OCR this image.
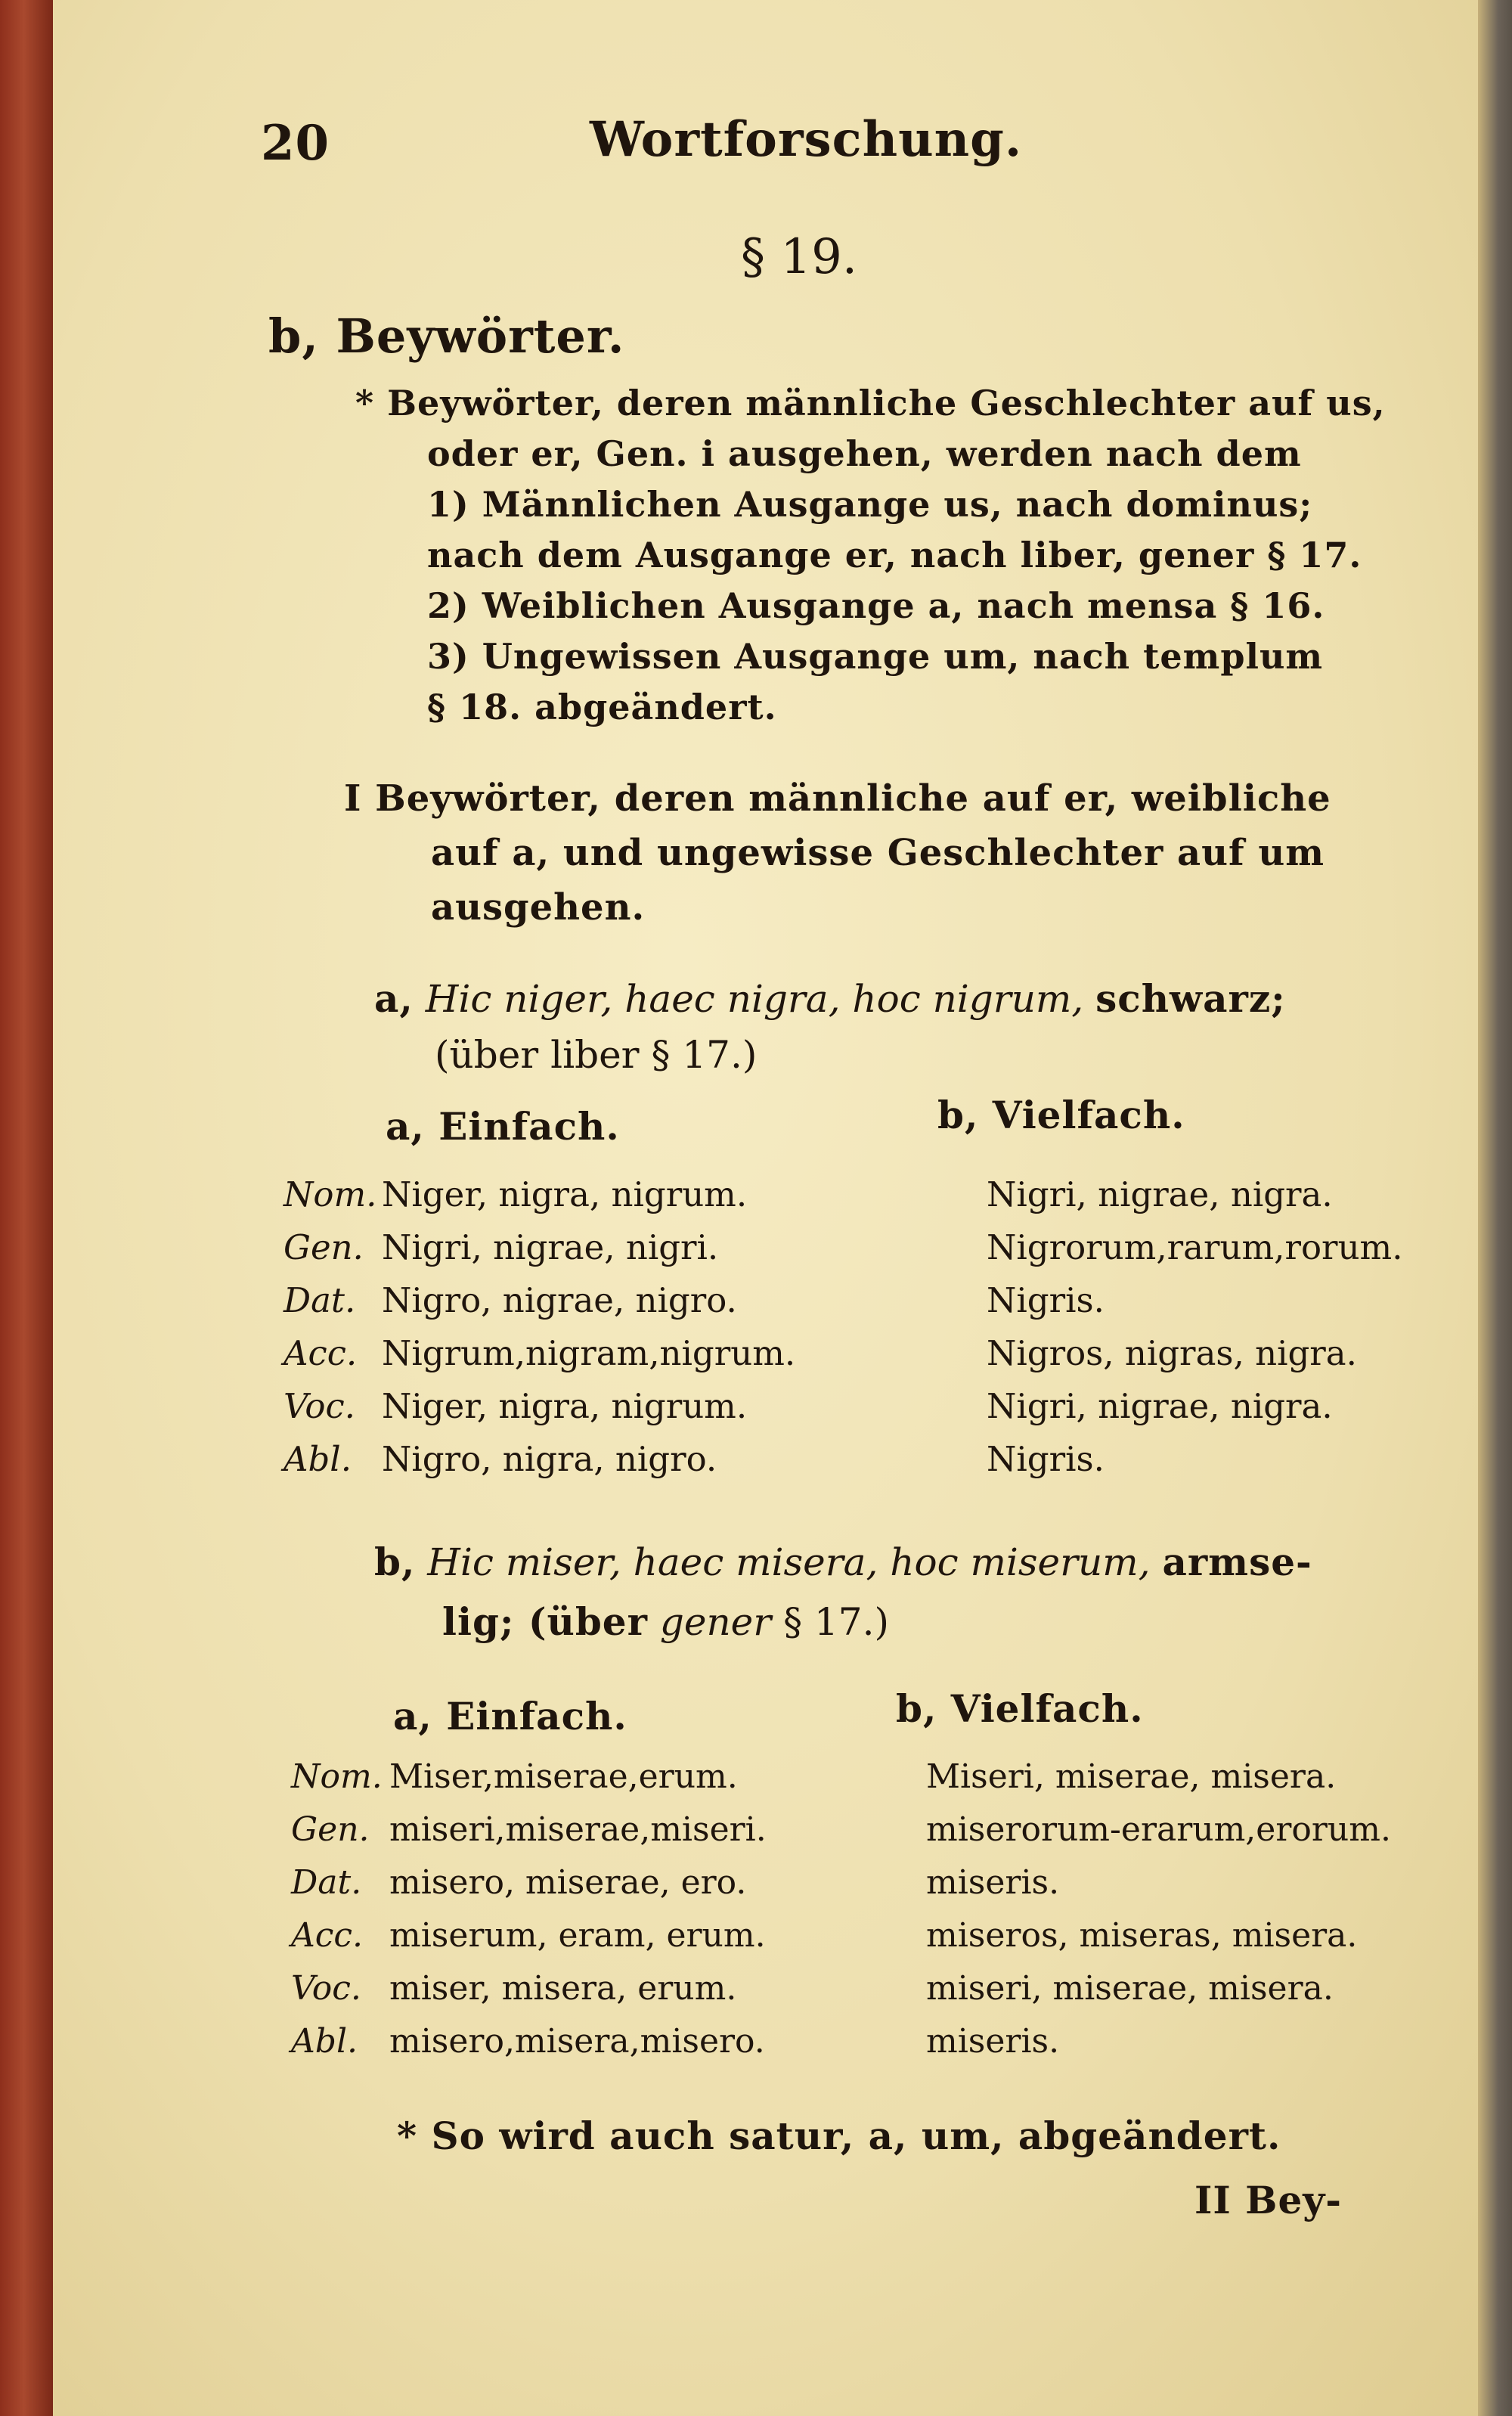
20	Wortforschung.
§ 19.
b, Beywörter.
* Beywörter, deren männliche Geschlechter auf us,
oder er, Gen. i ausgehen, werden nach dem
1) Männlichen Ausgange us, nach dominus;
nach dem Ausgange er, nach liber, gener § 17.
2) Weiblichen Ausgange a, nach mensa § 16.
3) Ungewissen Ausgange um, nach templum
§ 18. abgeändert.
I Beywörter, deren männliche auf er, weibliche
auf a, und ungewisse Geschlechter auf um
ausgehen.
a, Hic niger, haec nigra, hoc nigrum, schwarz;
(über liber § 17.)
a, Einfach.	b, Vielfach.
Nom. Niger, nigra, nigrum.	Nigri, nigrae, nigra.
Gen. Nigri, nigrae, nigri.	Nigrorum,rarum,rorum.
Dat. Nigro, nigrae, nigro.	Nigris.
Acc. Nigrum,nigram,nigrum.	Nigros, nigras, nigra.
Voc. Niger, nigra, nigrum.	Nigri, nigrae, nigra.
Abl. Nigro, nigra, nigro.	Nigris.
b, Hic miser, haec misera, hoc miserum, armse-
lig; (über gener § 17.)
a, Einfach.	b, Vielfach.
Nom. Miser,miserae,erum.	Miseri, miserae, misera.
Gen. miseri,miserae,miseri.	miserorum-erarum,erorum.
Dat. misero, miserae, ero.	miseris.
Acc. miserum, eram, erum.	miseros, miseras, misera.
Voc. miser, misera, erum.	miseri, miserae, misera.
Abl. misero,misera,misero.	miseris.
* So wird auch satur, a, um, abgeändert.
II Bey-
